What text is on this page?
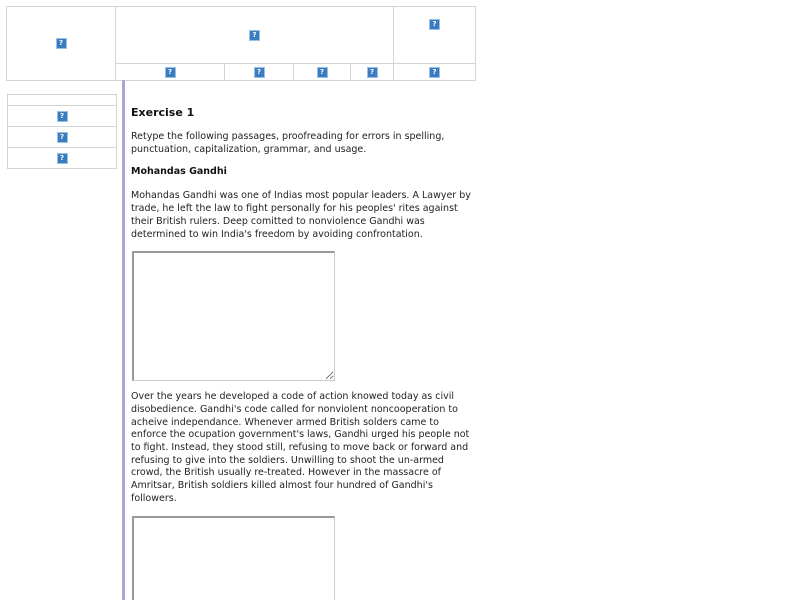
?
?
?
?	?	?	?	?
?
?
?
Exercise 1

Retype the following passages, proofreading for errors in spelling, punctuation, capitalization, grammar, and usage.

Mohandas Gandhi

Mohandas Gandhi was one of Indias most popular leaders. A Lawyer by trade, he left the law to fight personally for his peoples' rites against their British rulers. Deep comitted to nonviolence Gandhi was determined to win India's freedom by avoiding confrontation.

Over the years he developed a code of action knowed today as civil disobedience. Gandhi's code called for nonviolent noncooperation to acheive independance. Whenever armed British solders came to enforce the ocupation government's laws, Gandhi urged his people not to fight. Instead, they stood still, refusing to move back or forward and refusing to give into the soldiers. Unwilling to shoot the un-armed crowd, the British usually re-treated. However in the massacre of Amritsar, British soldiers killed almost four hundred of Gandhi's followers.
